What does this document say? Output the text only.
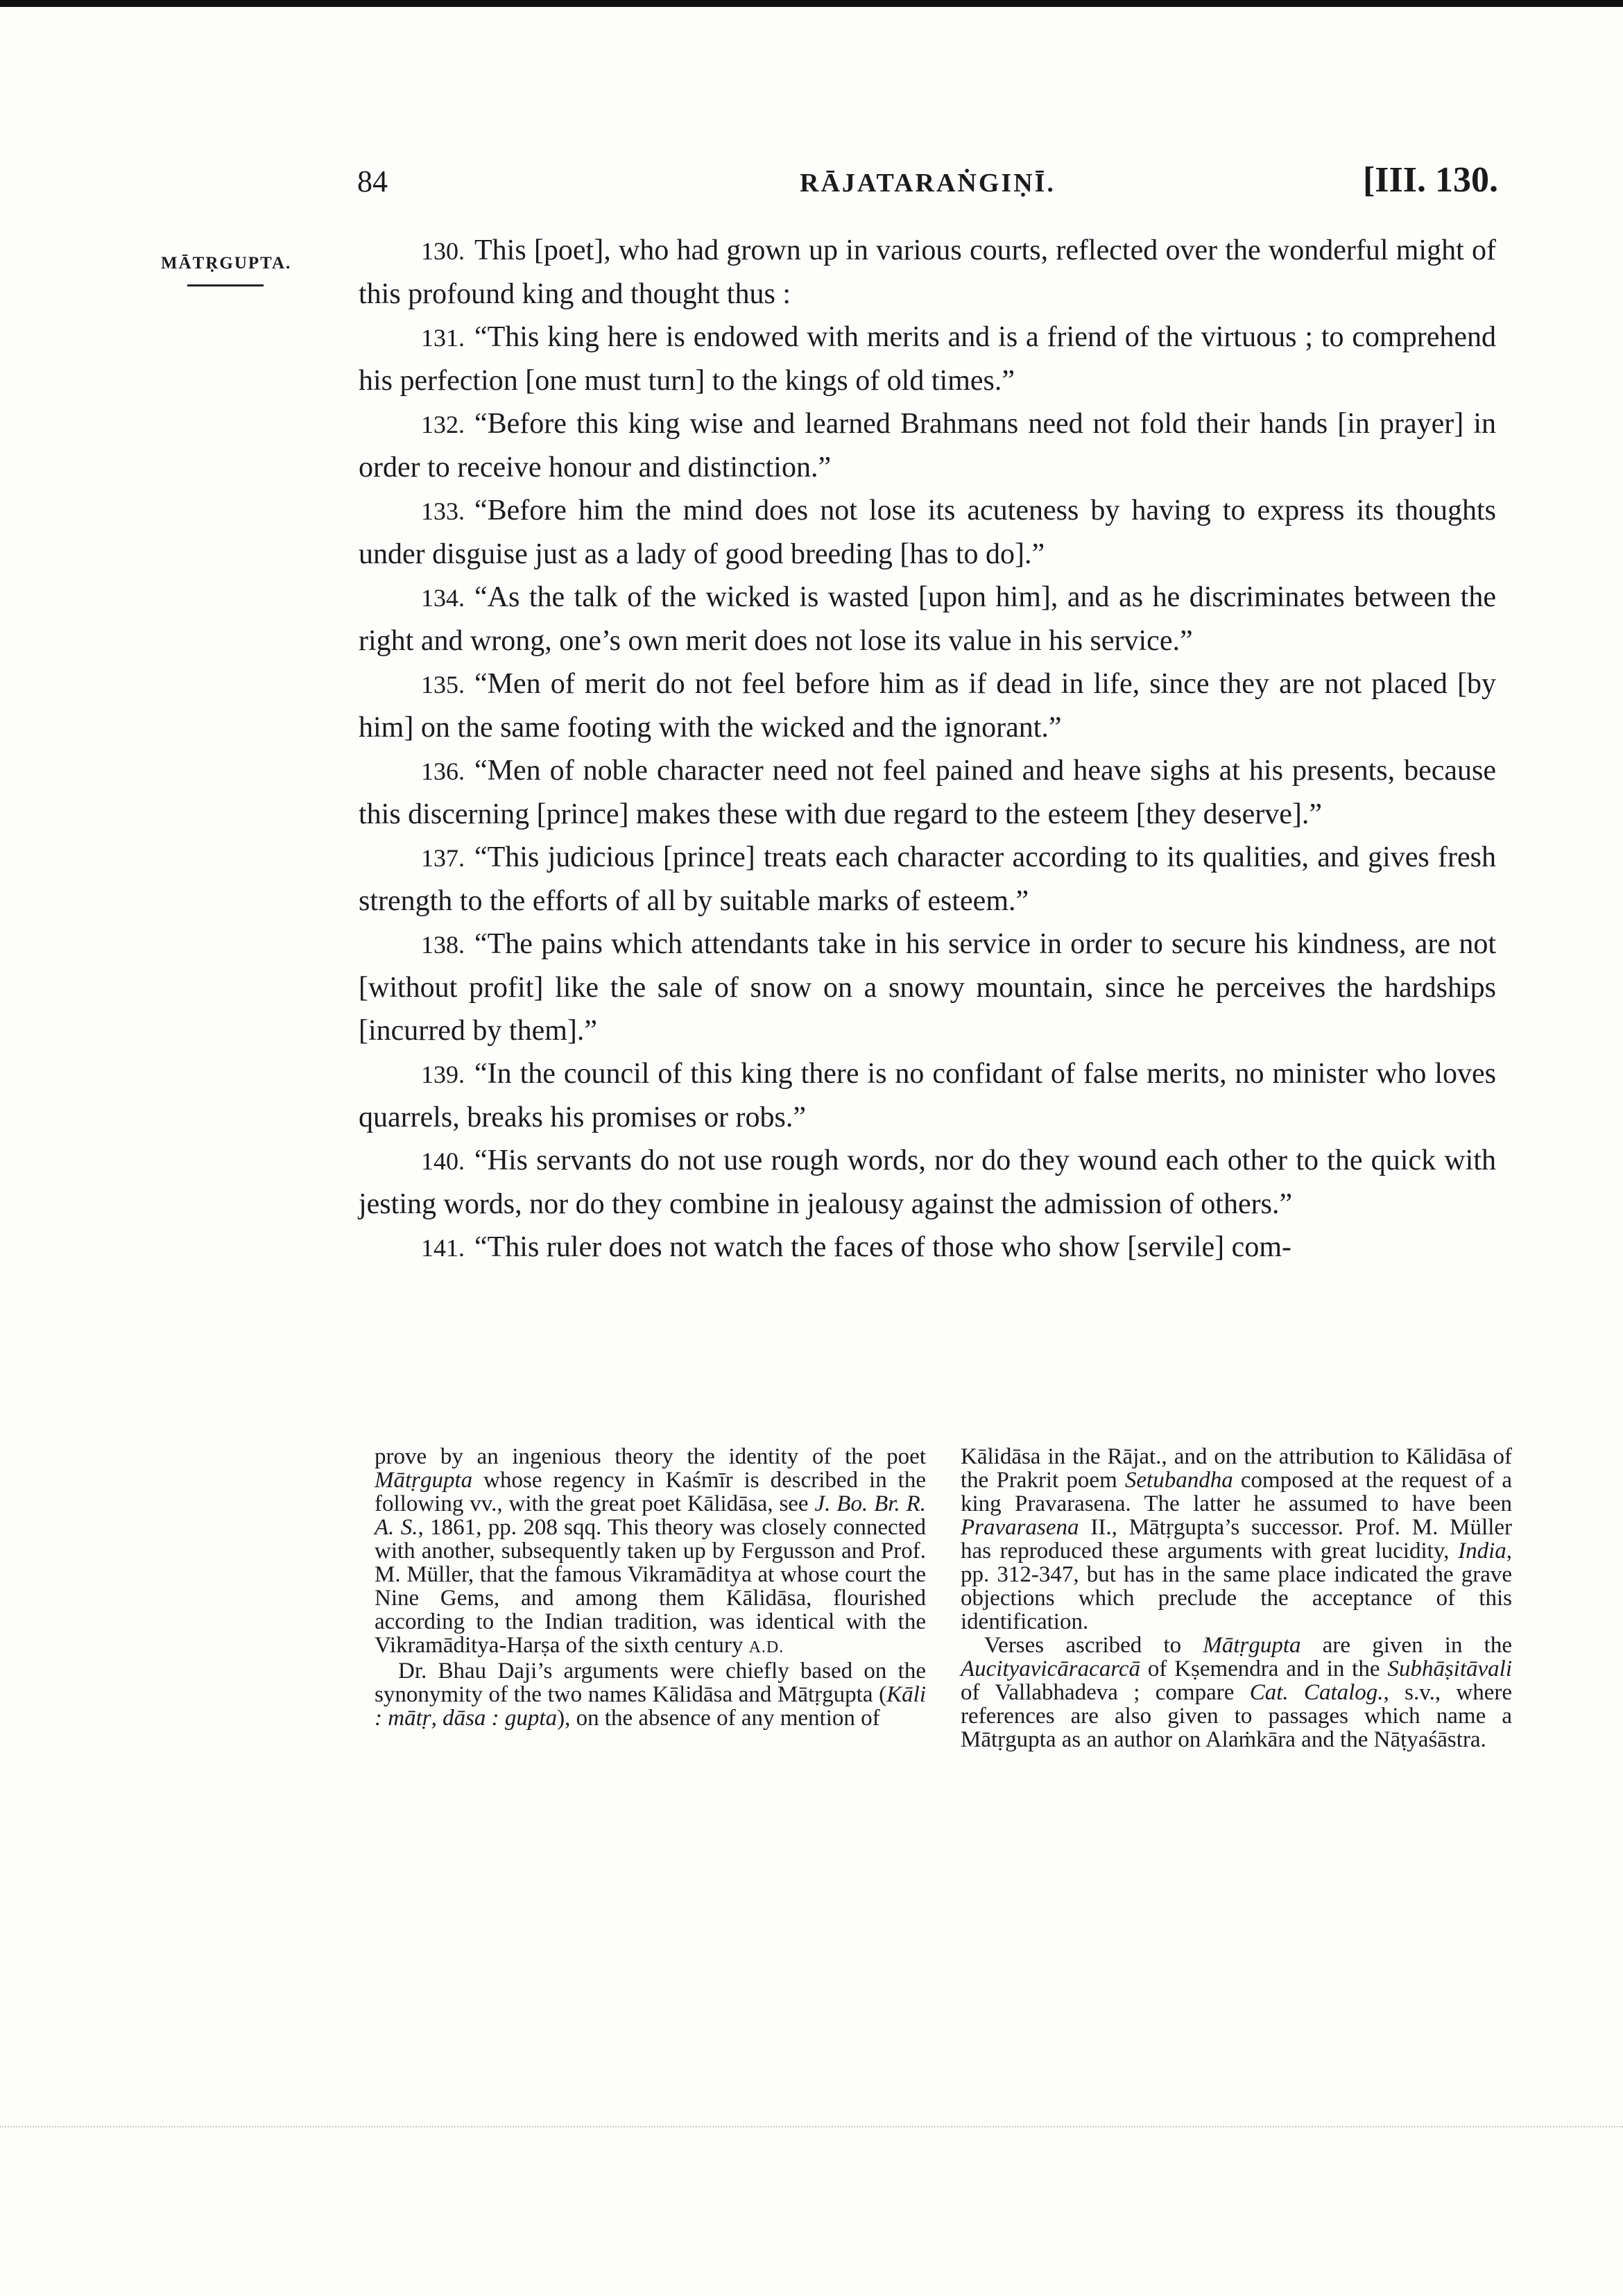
84	RĀJATARAṄGIṆĪ.	[III. 130.
MĀTṚGUPTA.	130. This [poet], who had grown up in various courts, reflected over the wonderful might of this profound king and thought thus :

131. “This king here is endowed with merits and is a friend of the virtuous ; to comprehend his perfection [one must turn] to the kings of old times.”

132. “Before this king wise and learned Brahmans need not fold their hands [in prayer] in order to receive honour and distinction.”

133. “Before him the mind does not lose its acuteness by having to express its thoughts under disguise just as a lady of good breeding [has to do].”

134. “As the talk of the wicked is wasted [upon him], and as he discriminates between the right and wrong, one’s own merit does not lose its value in his service.”

135. “Men of merit do not feel before him as if dead in life, since they are not placed [by him] on the same footing with the wicked and the ignorant.”

136. “Men of noble character need not feel pained and heave sighs at his presents, because this discerning [prince] makes these with due regard to the esteem [they deserve].”

137. “This judicious [prince] treats each character according to its qualities, and gives fresh strength to the efforts of all by suitable marks of esteem.”

138. “The pains which attendants take in his service in order to secure his kindness, are not [without profit] like the sale of snow on a snowy mountain, since he perceives the hardships [incurred by them].”

139. “In the council of this king there is no confidant of false merits, no minister who loves quarrels, breaks his promises or robs.”

140. “His servants do not use rough words, nor do they wound each other to the quick with jesting words, nor do they combine in jealousy against the admission of others.”

141. “This ruler does not watch the faces of those who show [servile] com-

prove by an ingenious theory the identity of the poet Mātṛgupta whose regency in Kaśmīr is described in the following vv., with the great poet Kālidāsa, see J. Bo. Br. R. A. S., 1861, pp. 208 sqq. This theory was closely connected with another, subsequently taken up by Fergusson and Prof. M. Müller, that the famous Vikramāditya at whose court the Nine Gems, and among them Kālidāsa, flourished according to the Indian tradition, was identical with the Vikramāditya-Harṣa of the sixth century A.D.

Dr. Bhau Daji’s arguments were chiefly based on the synonymity of the two names Kālidāsa and Mātṛgupta (Kāli : mātṛ, dāsa : gupta), on the absence of any mention of

Kālidāsa in the Rājat., and on the attribution to Kālidāsa of the Prakrit poem Setubandha composed at the request of a king Pravarasena. The latter he assumed to have been Pravarasena II., Mātṛgupta’s successor. Prof. M. Müller has reproduced these arguments with great lucidity, India, pp. 312-347, but has in the same place indicated the grave objections which preclude the acceptance of this identification.

Verses ascribed to Mātṛgupta are given in the Aucityavicāracarcā of Kṣemendra and in the Subhāṣitāvali of Vallabhadeva ; compare Cat. Catalog., s.v., where references are also given to passages which name a Mātṛgupta as an author on Alaṁkāra and the Nāṭyaśāstra.
